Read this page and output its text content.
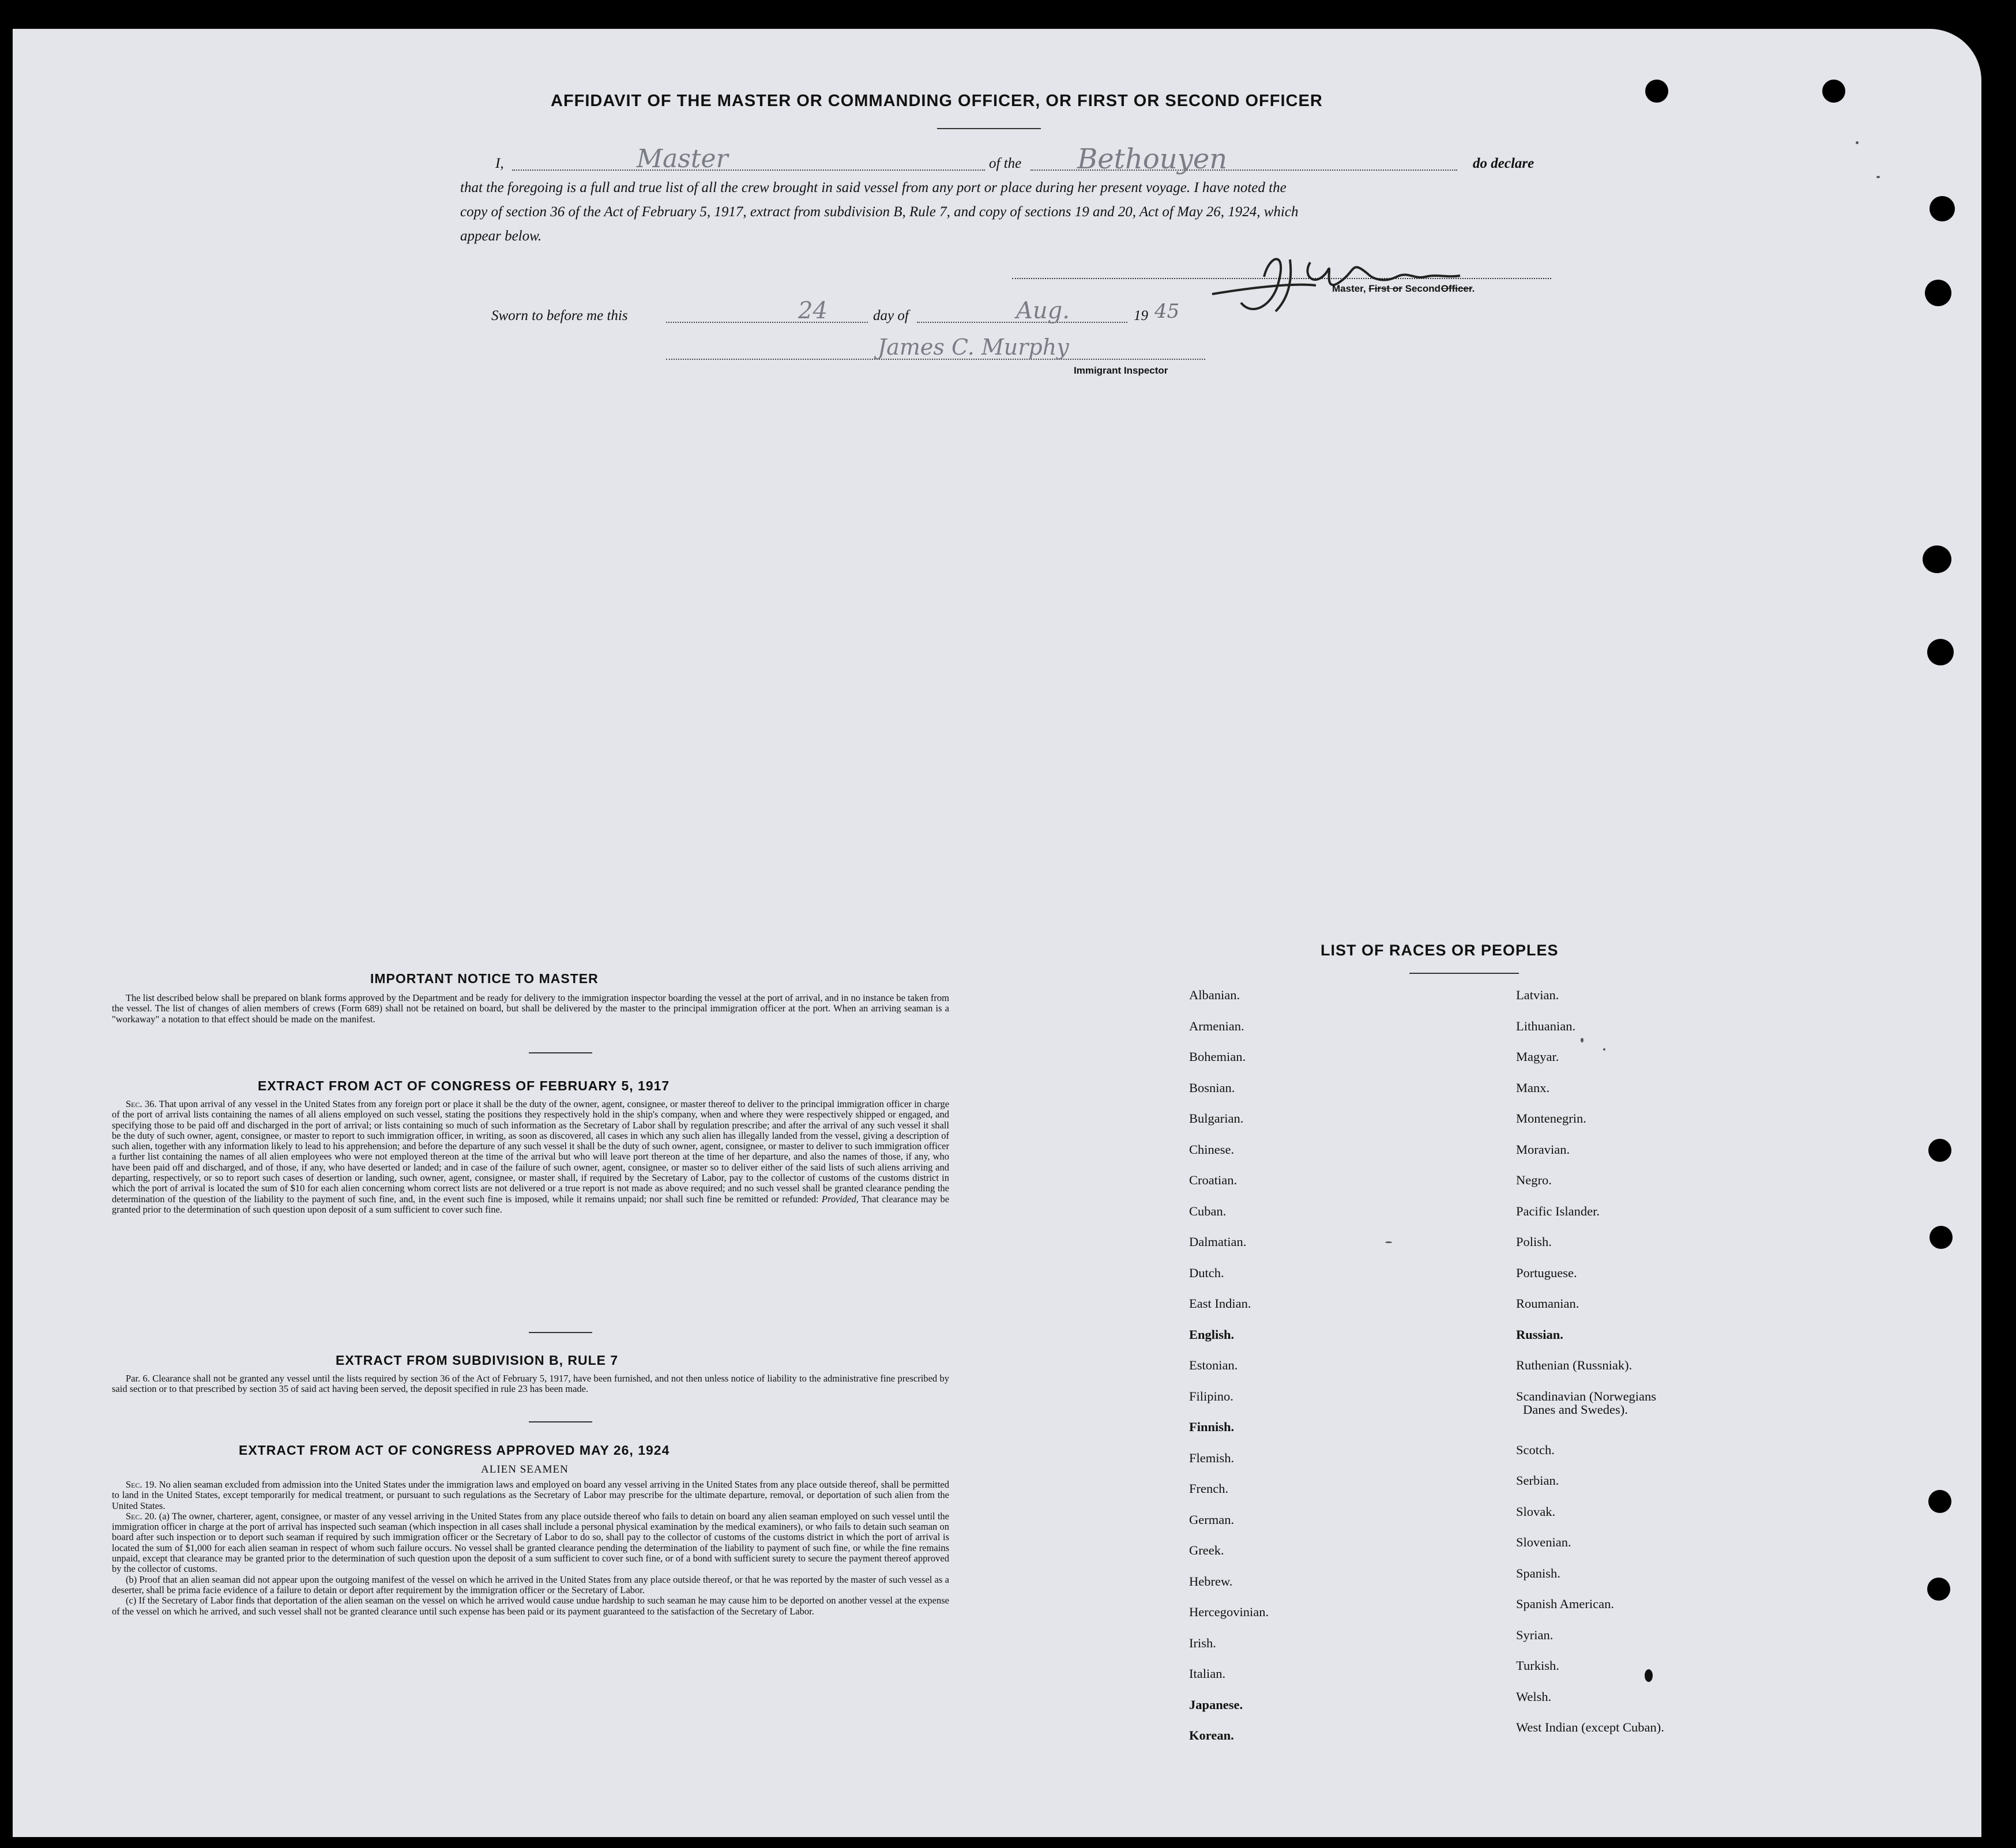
AFFIDAVIT OF THE MASTER OR COMMANDING OFFICER, OR FIRST OR SECOND OFFICER
I,	Master	of the Bethouyen	do declare
that the foregoing is a full and true list of all the crew brought in said vessel from any port or place during her present voyage. I have noted the
copy of section 36 of the Act of February 5, 1917, extract from subdivision B, Rule 7, and copy of sections 19 and 20, Act of May 26, 1924, which
appear below.
Master, First or Second Officer.
Sworn to before me this	24	day of	Aug.	19 45
James C. Murphy
Immigrant Inspector
IMPORTANT NOTICE TO MASTER
The list described below shall be prepared on blank forms approved by the Department and be ready for delivery to the immigration inspector boarding the vessel at the port of arrival, and in no instance be taken from the vessel. The list of changes of alien members of crews (Form 689) shall not be retained on board, but shall be delivered by the master to the principal immigration officer at the port. When an arriving seaman is a "workaway" a notation to that effect should be made on the manifest.
EXTRACT FROM ACT OF CONGRESS OF FEBRUARY 5, 1917
Sec. 36. That upon arrival of any vessel in the United States from any foreign port or place it shall be the duty of the owner, agent, consignee, or master thereof to deliver to the principal immigration officer in charge of the port of arrival lists containing the names of all aliens employed on such vessel, stating the positions they respectively hold in the ship's company, when and where they were respectively shipped or engaged, and specifying those to be paid off and discharged in the port of arrival; or lists containing so much of such information as the Secretary of Labor shall by regulation prescribe; and after the arrival of any such vessel it shall be the duty of such owner, agent, consignee, or master to report to such immigration officer, in writing, as soon as discovered, all cases in which any such alien has illegally landed from the vessel, giving a description of such alien, together with any information likely to lead to his apprehension; and before the departure of any such vessel it shall be the duty of such owner, agent, consignee, or master to deliver to such immigration officer a further list containing the names of all alien employees who were not employed thereon at the time of the arrival but who will leave port thereon at the time of her departure, and also the names of those, if any, who have been paid off and discharged, and of those, if any, who have deserted or landed; and in case of the failure of such owner, agent, consignee, or master so to deliver either of the said lists of such aliens arriving and departing, respectively, or so to report such cases of desertion or landing, such owner, agent, consignee, or master shall, if required by the Secretary of Labor, pay to the collector of customs of the customs district in which the port of arrival is located the sum of $10 for each alien concerning whom correct lists are not delivered or a true report is not made as above required; and no such vessel shall be granted clearance pending the determination of the question of the liability to the payment of such fine, and, in the event such fine is imposed, while it remains unpaid; nor shall such fine be remitted or refunded: Provided, That clearance may be granted prior to the determination of such question upon deposit of a sum sufficient to cover such fine.
EXTRACT FROM SUBDIVISION B, RULE 7
Par. 6. Clearance shall not be granted any vessel until the lists required by section 36 of the Act of February 5, 1917, have been furnished, and not then unless notice of liability to the administrative fine prescribed by said section or to that prescribed by section 35 of said act having been served, the deposit specified in rule 23 has been made.
EXTRACT FROM ACT OF CONGRESS APPROVED MAY 26, 1924
ALIEN SEAMEN
Sec. 19. No alien seaman excluded from admission into the United States under the immigration laws and employed on board any vessel arriving in the United States from any place outside thereof, shall be permitted to land in the United States, except temporarily for medical treatment, or pursuant to such regulations as the Secretary of Labor may prescribe for the ultimate departure, removal, or deportation of such alien from the United States.
Sec. 20. (a) The owner, charterer, agent, consignee, or master of any vessel arriving in the United States from any place outside thereof who fails to detain on board any alien seaman employed on such vessel until the immigration officer in charge at the port of arrival has inspected such seaman (which inspection in all cases shall include a personal physical examination by the medical examiners), or who fails to detain such seaman on board after such inspection or to deport such seaman if required by such immigration officer or the Secretary of Labor to do so, shall pay to the collector of customs of the customs district in which the port of arrival is located the sum of $1,000 for each alien seaman in respect of whom such failure occurs. No vessel shall be granted clearance pending the determination of the liability to payment of such fine, or while the fine remains unpaid, except that clearance may be granted prior to the determination of such question upon the deposit of a sum sufficient to cover such fine, or of a bond with sufficient surety to secure the payment thereof approved by the collector of customs.
(b) Proof that an alien seaman did not appear upon the outgoing manifest of the vessel on which he arrived in the United States from any place outside thereof, or that he was reported by the master of such vessel as a deserter, shall be prima facie evidence of a failure to detain or deport after requirement by the immigration officer or the Secretary of Labor.
(c) If the Secretary of Labor finds that deportation of the alien seaman on the vessel on which he arrived would cause undue hardship to such seaman he may cause him to be deported on another vessel at the expense of the vessel on which he arrived, and such vessel shall not be granted clearance until such expense has been paid or its payment guaranteed to the satisfaction of the Secretary of Labor.
LIST OF RACES OR PEOPLES
Albanian.
Armenian.
Bohemian.
Bosnian.
Bulgarian.
Chinese.
Croatian.
Cuban.
Dalmatian.
Dutch.
East Indian.
English.
Estonian.
Filipino.
Finnish.
Flemish.
French.
German.
Greek.
Hebrew.
Hercegovinian.
Irish.
Italian.
Japanese.
Korean.
Latvian.
Lithuanian.
Magyar.
Manx.
Montenegrin.
Moravian.
Negro.
Pacific Islander.
Polish.
Portuguese.
Roumanian.
Russian.
Ruthenian (Russniak).
Scandinavian (Norwegians
Danes and Swedes).
Scotch.
Serbian.
Slovak.
Slovenian.
Spanish.
Spanish American.
Syrian.
Turkish.
Welsh.
West Indian (except Cuban).
